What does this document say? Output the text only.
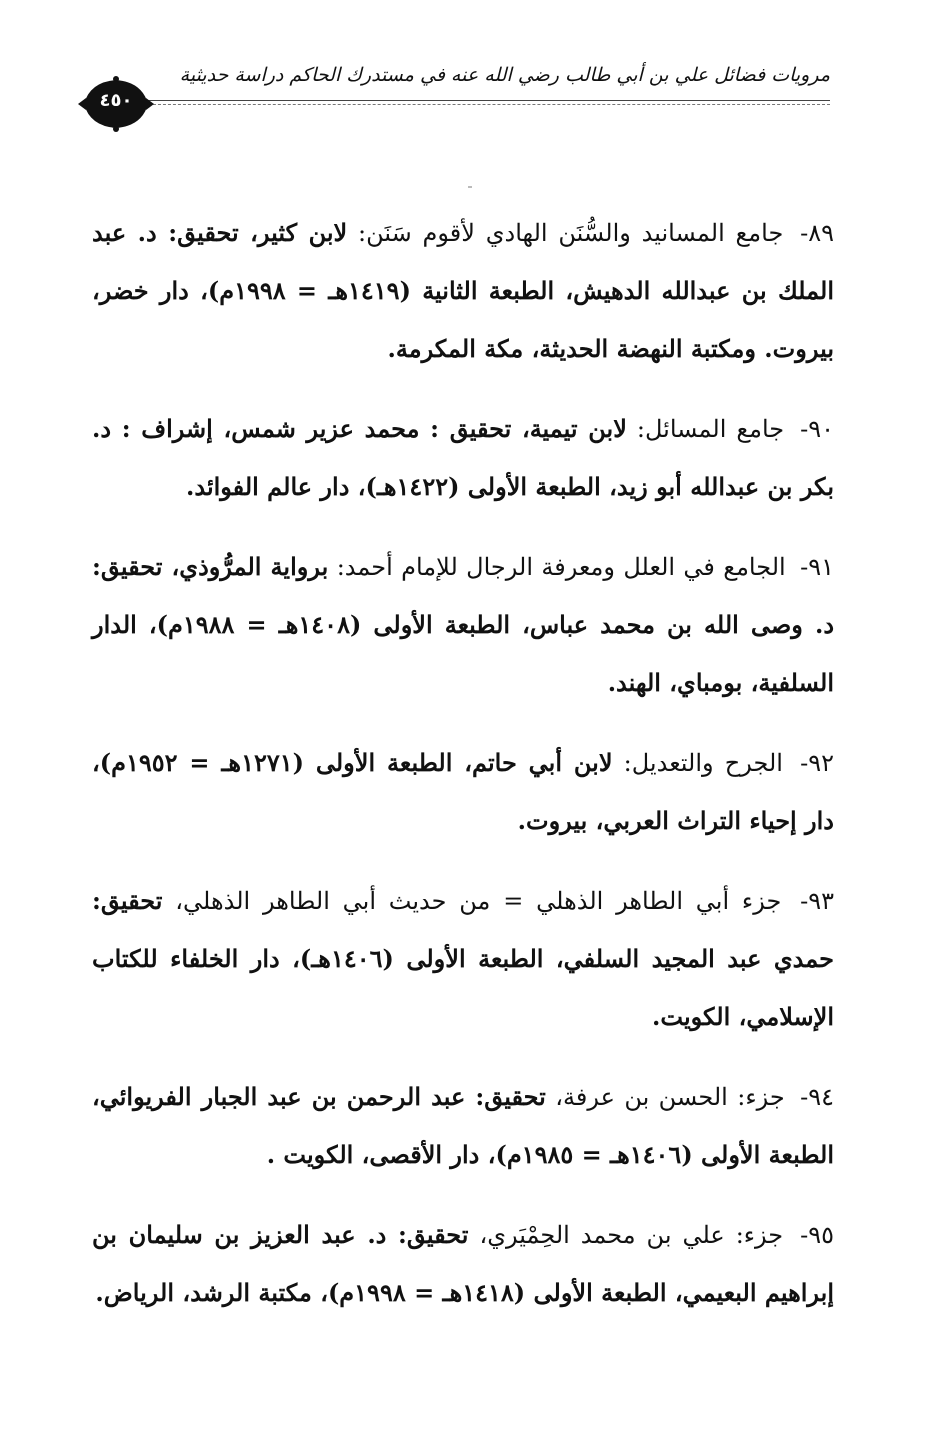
مرويات فضائل علي بن أبي طالب رضي الله عنه في مستدرك الحاكم دراسة حديثية
٤٥٠

٨٩- جامع المسانيد والسُّنَن الهادي لأقوم سَنَن: لابن كثير، تحقيق: د. عبد الملك بن عبدالله الدهيش، الطبعة الثانية (١٤١٩هـ = ١٩٩٨م)، دار خضر، بيروت. ومكتبة النهضة الحديثة، مكة المكرمة.

٩٠- جامع المسائل: لابن تيمية، تحقيق : محمد عزير شمس، إشراف : د. بكر بن عبدالله أبو زيد، الطبعة الأولى (١٤٢٢هـ)، دار عالم الفوائد.

٩١- الجامع في العلل ومعرفة الرجال للإمام أحمد: برواية المرُّوذي، تحقيق: د. وصى الله بن محمد عباس، الطبعة الأولى (١٤٠٨هـ = ١٩٨٨م)، الدار السلفية، بومباي، الهند.

٩٢- الجرح والتعديل: لابن أبي حاتم، الطبعة الأولى (١٢٧١هـ = ١٩٥٢م)، دار إحياء التراث العربي، بيروت.

٩٣- جزء أبي الطاهر الذهلي = من حديث أبي الطاهر الذهلي، تحقيق: حمدي عبد المجيد السلفي، الطبعة الأولى (١٤٠٦هـ)، دار الخلفاء للكتاب الإسلامي، الكويت.

٩٤- جزء: الحسن بن عرفة، تحقيق: عبد الرحمن بن عبد الجبار الفريوائي، الطبعة الأولى (١٤٠٦هـ = ١٩٨٥م)، دار الأقصى، الكويت .

٩٥- جزء: علي بن محمد الحِمْيَري، تحقيق: د. عبد العزيز بن سليمان بن إبراهيم البعيمي، الطبعة الأولى (١٤١٨هـ = ١٩٩٨م)، مكتبة الرشد، الرياض.
